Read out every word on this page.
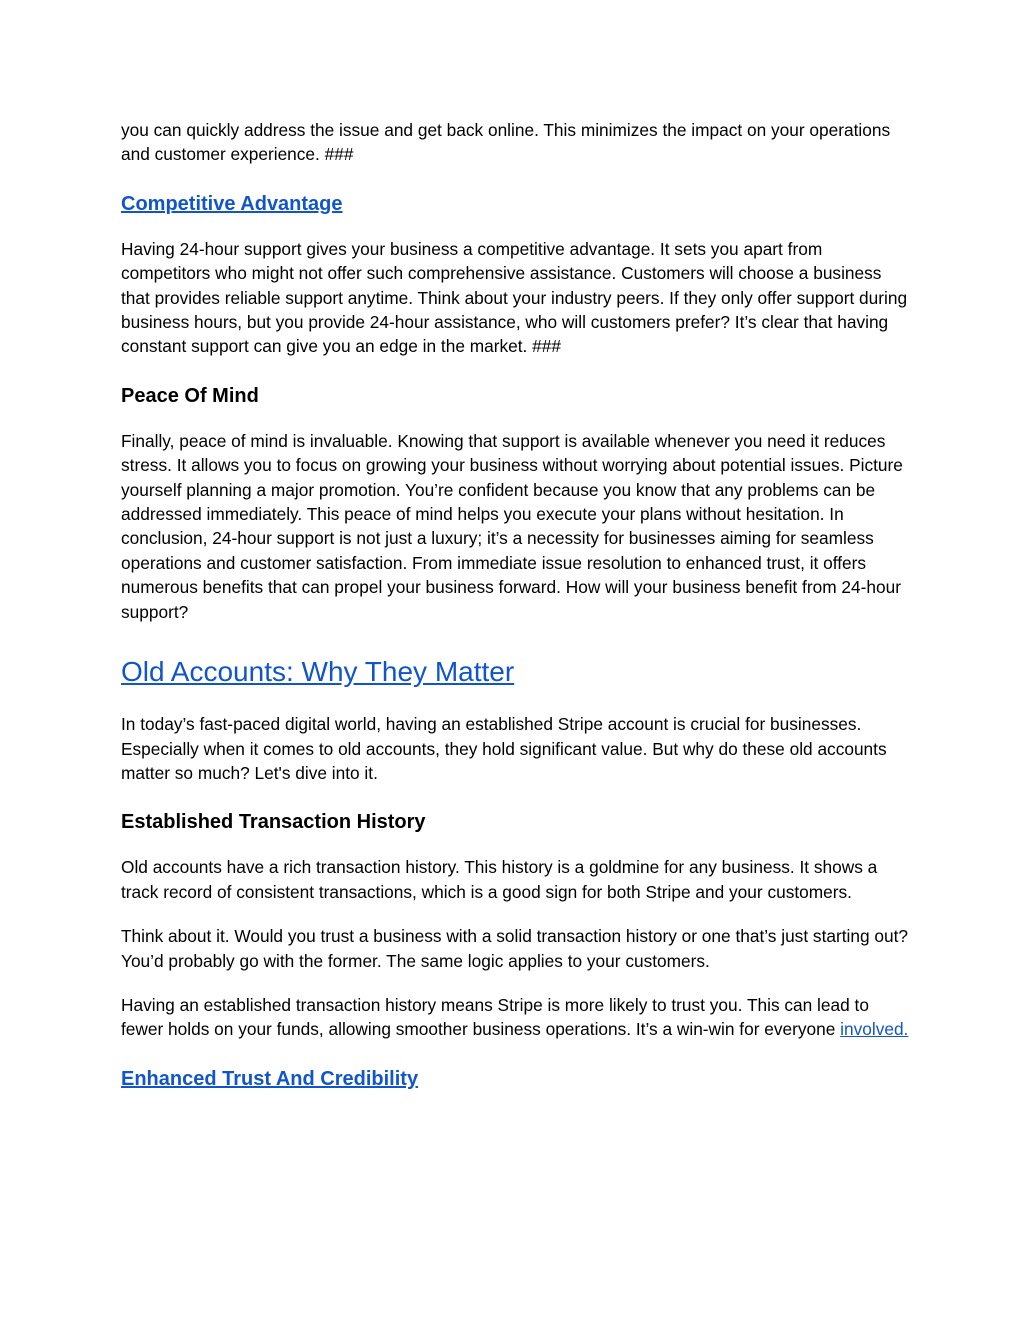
you can quickly address the issue and get back online. This minimizes the impact on your operations and customer experience. ###

Competitive Advantage

Having 24-hour support gives your business a competitive advantage. It sets you apart from competitors who might not offer such comprehensive assistance. Customers will choose a business that provides reliable support anytime. Think about your industry peers. If they only offer support during business hours, but you provide 24-hour assistance, who will customers prefer? It’s clear that having constant support can give you an edge in the market. ###

Peace Of Mind

Finally, peace of mind is invaluable. Knowing that support is available whenever you need it reduces stress. It allows you to focus on growing your business without worrying about potential issues. Picture yourself planning a major promotion. You’re confident because you know that any problems can be addressed immediately. This peace of mind helps you execute your plans without hesitation. In conclusion, 24-hour support is not just a luxury; it’s a necessity for businesses aiming for seamless operations and customer satisfaction. From immediate issue resolution to enhanced trust, it offers numerous benefits that can propel your business forward. How will your business benefit from 24-hour support?

Old Accounts: Why They Matter

In today’s fast-paced digital world, having an established Stripe account is crucial for businesses. Especially when it comes to old accounts, they hold significant value. But why do these old accounts matter so much? Let's dive into it.

Established Transaction History

Old accounts have a rich transaction history. This history is a goldmine for any business. It shows a track record of consistent transactions, which is a good sign for both Stripe and your customers.

Think about it. Would you trust a business with a solid transaction history or one that’s just starting out? You’d probably go with the former. The same logic applies to your customers.

Having an established transaction history means Stripe is more likely to trust you. This can lead to fewer holds on your funds, allowing smoother business operations. It’s a win-win for everyone involved.

Enhanced Trust And Credibility
